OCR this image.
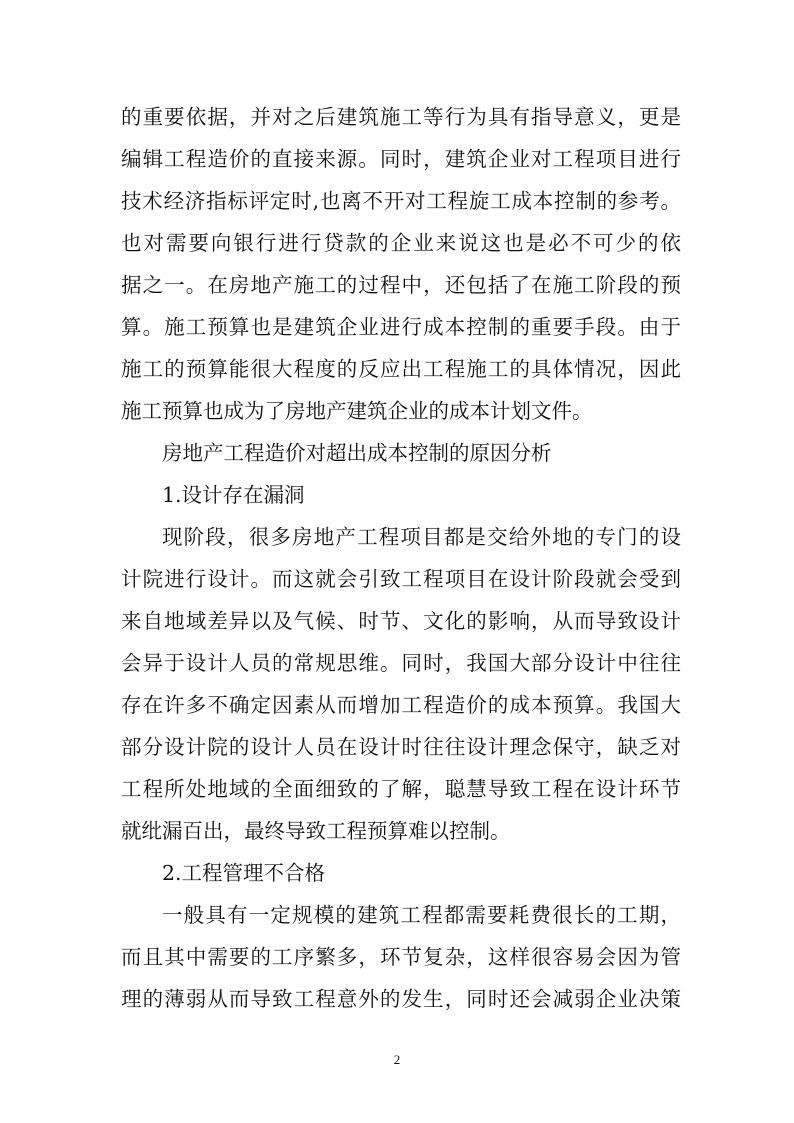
的重要依据，并对之后建筑施工等行为具有指导意义，更是
编辑工程造价的直接来源。同时，建筑企业对工程项目进行
技术经济指标评定时,也离不开对工程旋工成本控制的参考。
也对需要向银行进行贷款的企业来说这也是必不可少的依
据之一。在房地产施工的过程中，还包括了在施工阶段的预
算。施工预算也是建筑企业进行成本控制的重要手段。由于
施工的预算能很大程度的反应出工程施工的具体情况，因此
施工预算也成为了房地产建筑企业的成本计划文件。
房地产工程造价对超出成本控制的原因分析
1.设计存在漏洞
现阶段，很多房地产工程项目都是交给外地的专门的设
计院进行设计。而这就会引致工程项目在设计阶段就会受到
来自地域差异以及气候、时节、文化的影响，从而导致设计
会异于设计人员的常规思维。同时，我国大部分设计中往往
存在许多不确定因素从而增加工程造价的成本预算。我国大
部分设计院的设计人员在设计时往往设计理念保守，缺乏对
工程所处地域的全面细致的了解，聪慧导致工程在设计环节
就纰漏百出，最终导致工程预算难以控制。
2.工程管理不合格
一般具有一定规模的建筑工程都需要耗费很长的工期，
而且其中需要的工序繁多，环节复杂，这样很容易会因为管
理的薄弱从而导致工程意外的发生，同时还会减弱企业决策
2
